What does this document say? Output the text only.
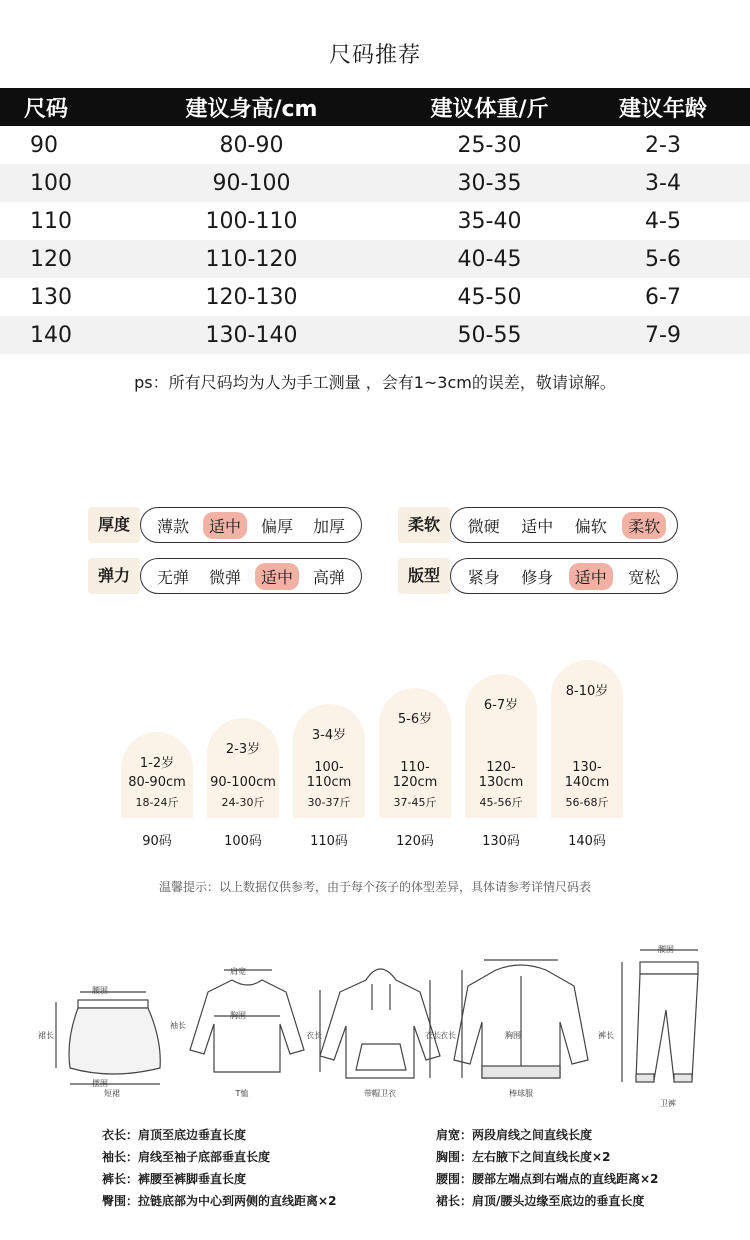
尺码推荐
尺码	建议身高/cm	建议体重/斤	建议年龄
90	80-90	25-30	2-3
100	90-100	30-35	3-4
110	100-110	35-40	4-5
120	110-120	40-45	5-6
130	120-130	45-50	6-7
140	130-140	50-55	7-9
ps：所有尺码均为人为手工测量 ，会有1~3cm的误差，敬请谅解。
厚度	薄款	适中	偏厚	加厚	柔软	微硬	适中	偏软	柔软
弹力	无弹	微弹	适中	高弹	版型	紧身	修身	适中	宽松
1-2岁
80-90cm
18-24斤
90码
2-3岁
90-100cm
24-30斤
100码
3-4岁
100-110cm
30-37斤
110码
5-6岁
110-120cm
37-45斤
120码
6-7岁
120-130cm
45-56斤
130码
8-10岁
130-140cm
56-68斤
140码
温馨提示：以上数据仅供参考，由于每个孩子的体型差异，具体请参考详情尺码表
短裙
腰围
裙长
摆围
T恤
肩宽
胸围
衣长
袖长
带帽卫衣
衣长
棒球服
胸围
衣长
卫裤
腰围
裤长
衣长：肩顶至底边垂直长度
袖长：肩线至袖子底部垂直长度
裤长：裤腰至裤脚垂直长度
臀围：拉链底部为中心到两侧的直线距离×2
肩宽：两段肩线之间直线长度
胸围：左右腋下之间直线长度×2
腰围：腰部左端点到右端点的直线距离×2
裙长：肩顶/腰头边缘至底边的垂直长度
